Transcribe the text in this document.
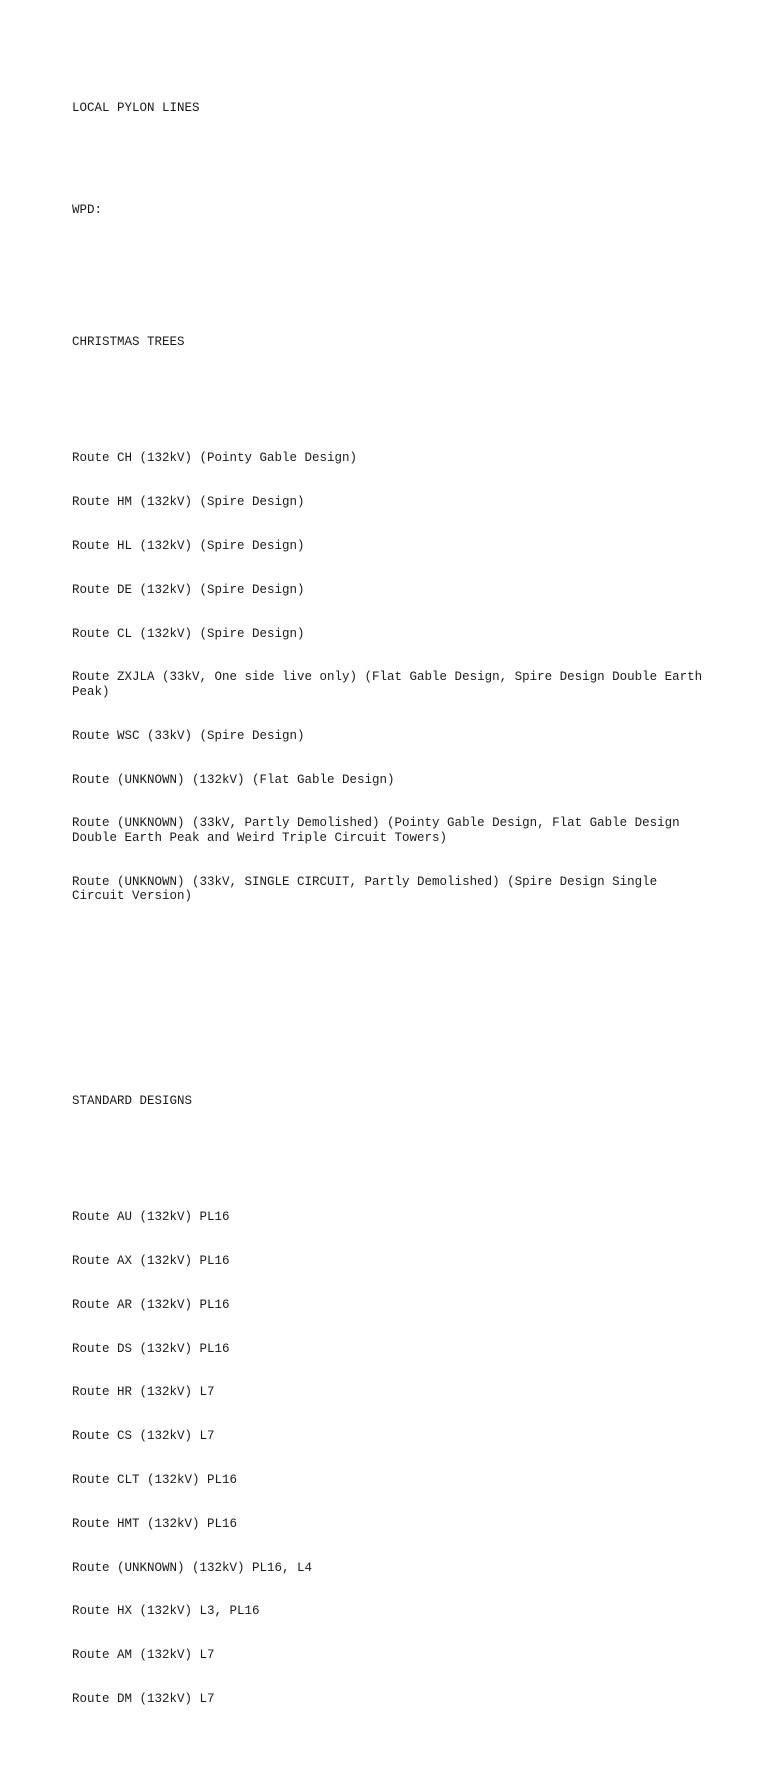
LOCAL PYLON LINES

WPD:

CHRISTMAS TREES

Route CH (132kV) (Pointy Gable Design)

Route HM (132kV) (Spire Design)

Route HL (132kV) (Spire Design)

Route DE (132kV) (Spire Design)

Route CL (132kV) (Spire Design)

Route ZXJLA (33kV, One side live only) (Flat Gable Design, Spire Design Double Earth Peak)

Route WSC (33kV) (Spire Design)

Route (UNKNOWN) (132kV) (Flat Gable Design)

Route (UNKNOWN) (33kV, Partly Demolished) (Pointy Gable Design, Flat Gable Design Double Earth Peak and Weird Triple Circuit Towers)

Route (UNKNOWN) (33kV, SINGLE CIRCUIT, Partly Demolished) (Spire Design Single Circuit Version)

STANDARD DESIGNS

Route AU (132kV) PL16

Route AX (132kV) PL16

Route AR (132kV) PL16

Route DS (132kV) PL16

Route HR (132kV) L7

Route CS (132kV) L7

Route CLT (132kV) PL16

Route HMT (132kV) PL16

Route (UNKNOWN) (132kV) PL16, L4

Route HX (132kV) L3, PL16

Route AM (132kV) L7

Route DM (132kV) L7
